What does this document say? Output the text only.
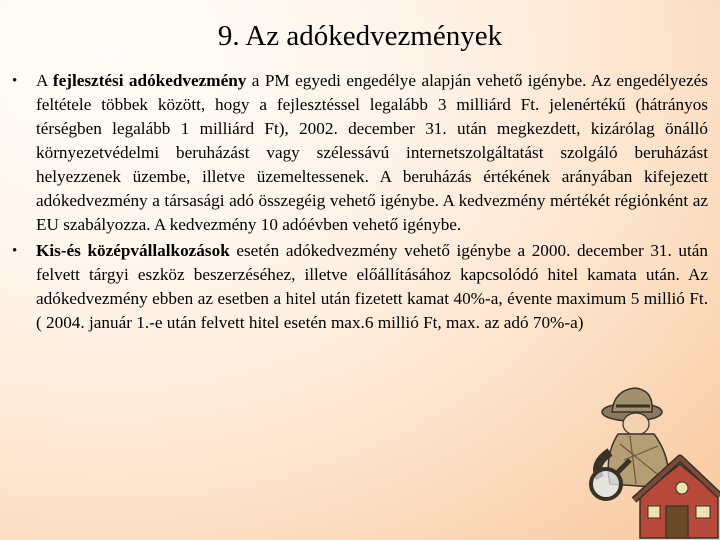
9. Az adókedvezmények
• A fejlesztési adókedvezmény a PM egyedi engedélye alapján vehető igénybe. Az engedélyezés feltétele többek között, hogy a fejlesztéssel legalább 3 milliárd Ft. jelenértékű (hátrányos térségben legalább 1 milliárd Ft), 2002. december 31. után megkezdett, kizárólag önálló környezetvédelmi beruházást vagy szélessávú internetszolgáltatást szolgáló beruházást helyezzenek üzembe, illetve üzemeltessenek. A beruházás értékének arányában kifejezett adókedvezmény a társasági adó összegéig vehető igénybe. A kedvezmény mértékét régiónként az EU szabályozza. A kedvezmény 10 adóévben vehető igénybe.
• Kis-és középvállalkozások esetén adókedvezmény vehető igénybe a 2000. december 31. után felvett tárgyi eszköz beszerzéséhez, illetve előállításához kapcsolódó hitel kamata után. Az adókedvezmény ebben az esetben a hitel után fizetett kamat 40%-a, évente maximum 5 millió Ft. ( 2004. január 1.-e után felvett hitel esetén max.6 millió Ft, max. az adó 70%-a)
